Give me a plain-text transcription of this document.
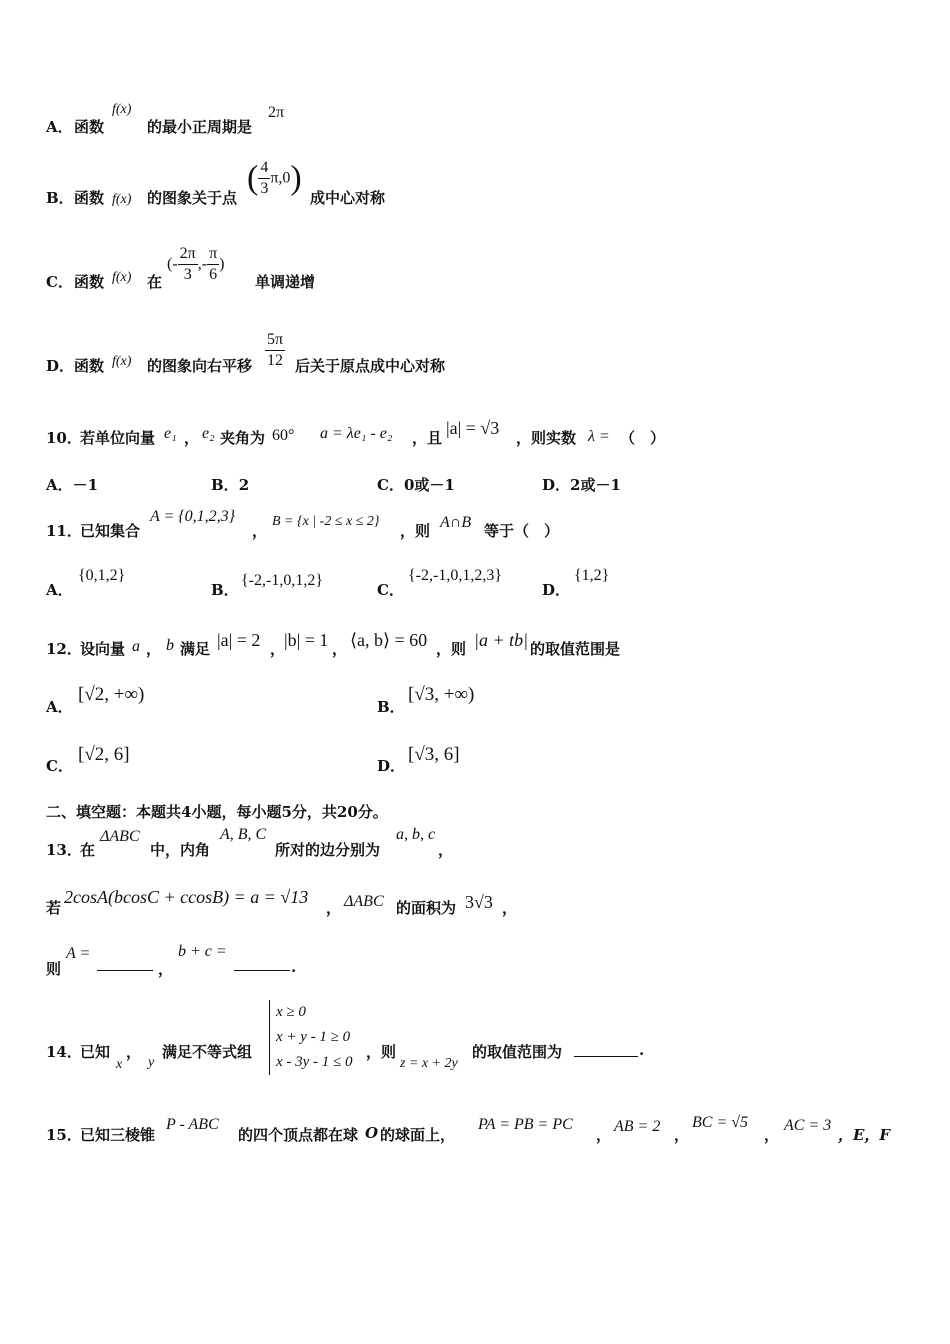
A． 函数
f(x)
的最小正周期是
2π
B． 函数 f(x) 的图象关于点
( $\frac{4}{3} \pi,0$)
成中心对称
C． 函数 f(x) 在
(- $\frac{2\pi}{3}$ ,- $\frac{\pi}{6}$ )
单调递增
D． 函数 f(x) 的图象向右平移 $\frac{5\pi}{12}$ 后关于原点成中心对称
10．
若单位向量 e₁ ， e₂ 夹角为 60° a = λe₁ - e₂ ，且 |a| = √3 ，则实数 λ = （　）
A．－1	B．2	C．0或－1	D．2或－1
11．
已知集合
A = {0,1,2,3}
，
B = {x | -2 ≤ x ≤ 2}
，则 A∩B 等于（　）
A．
{0,1,2}
B．
{-2,-1,0,1,2}
C．
{-2,-1,0,1,2,3}
D．
{1,2}
12．
设向量 a ， b 满足 |a| = 2 ，
|b| = 1 ， ⟨a, b⟩ = 60 ，则 |a + tb| 的取值范围是
A．
[√2, +∞)
B．
[√3, +∞)
C．
[√2, 6]
D．
[√3, 6]
二、填空题：本题共4小题，每小题5分，共20分。
13．
在
ΔABC
中，内角
A, B, C
所对的边分别为
a, b, c
，
若
2cosA(bcosC + ccosB) = a = √13
， ΔABC 的面积为 3√3 ，
则
A =
，
b + c =
.
14．
已知
x
，
y
满足不等式组
x ≥ 0
x + y - 1 ≥ 0
x - 3y - 1 ≤ 0
，则
z = x + 2y
的取值范围为	.
15．
已知三棱锥
P - ABC
的四个顶点都在球 O 的球面上，
PA = PB = PC
， AB = 2 ，
BC = √5
，
AC = 3
，E，F
